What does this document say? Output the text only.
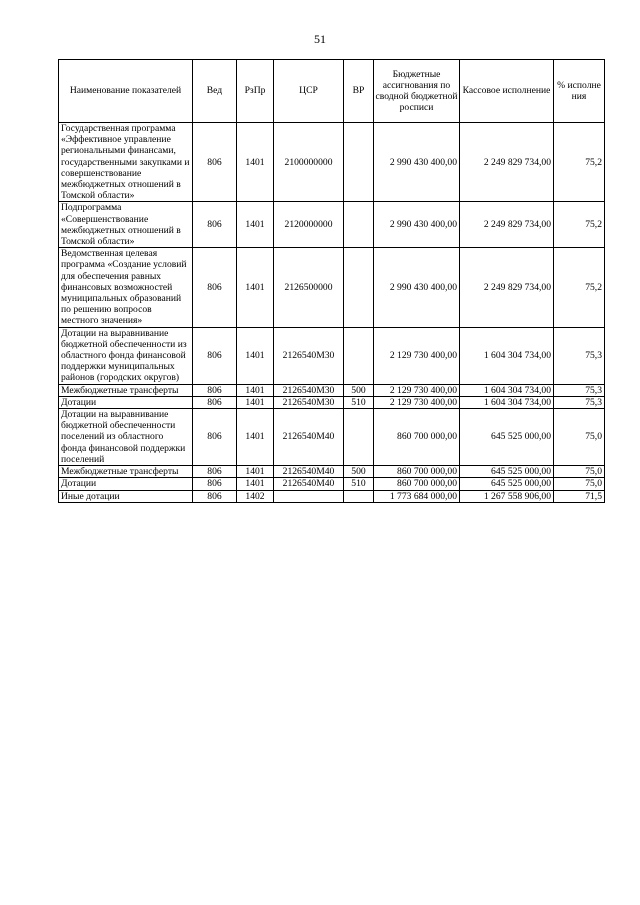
51
Наименование показателей	Вед	РзПр	ЦСР	ВР	Бюджетные ассигнования по сводной бюджетной росписи	Кассовое исполнение	% исполне ния
Государственная программа «Эффективное управление региональными финансами, государственными закупками и совершенствование межбюджетных отношений в Томской области»	806	1401	2100000000		2 990 430 400,00	2 249 829 734,00	75,2
Подпрограмма «Совершенствование межбюджетных отношений в Томской области»	806	1401	2120000000		2 990 430 400,00	2 249 829 734,00	75,2
Ведомственная целевая программа «Создание условий для обеспечения равных финансовых возможностей муниципальных образований по решению вопросов местного значения»	806	1401	2126500000		2 990 430 400,00	2 249 829 734,00	75,2
Дотации на выравнивание бюджетной обеспеченности из областного фонда финансовой поддержки муниципальных районов (городских округов)	806	1401	2126540М30		2 129 730 400,00	1 604 304 734,00	75,3
Межбюджетные трансферты	806	1401	2126540М30	500	2 129 730 400,00	1 604 304 734,00	75,3
Дотации	806	1401	2126540М30	510	2 129 730 400,00	1 604 304 734,00	75,3
Дотации на выравнивание бюджетной обеспеченности поселений из областного фонда финансовой поддержки поселений	806	1401	2126540М40		860 700 000,00	645 525 000,00	75,0
Межбюджетные трансферты	806	1401	2126540М40	500	860 700 000,00	645 525 000,00	75,0
Дотации	806	1401	2126540М40	510	860 700 000,00	645 525 000,00	75,0
Иные дотации	806	1402			1 773 684 000,00	1 267 558 906,00	71,5
